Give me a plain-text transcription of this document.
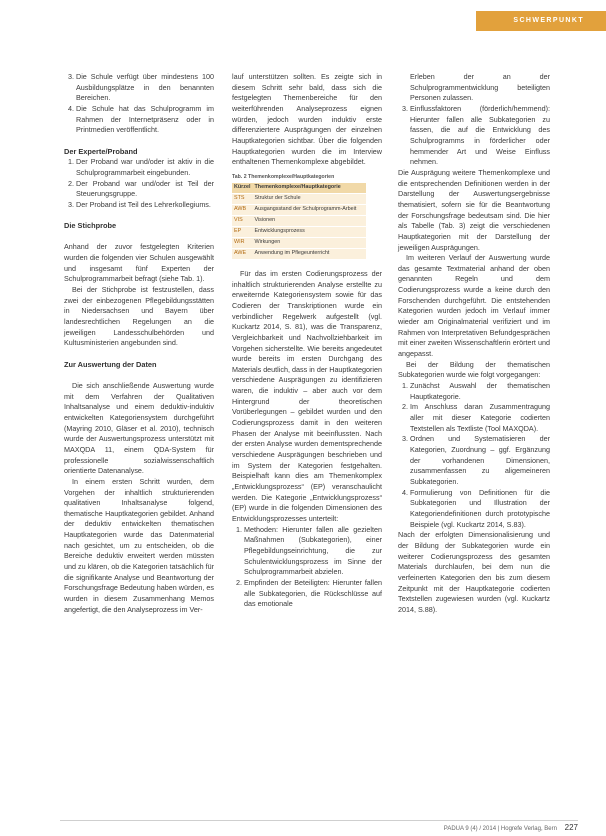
SCHWERPUNKT
3. Die Schule verfügt über mindestens 100 Ausbildungsplätze in den benannten Bereichen.
4. Die Schule hat das Schulprogramm im Rahmen der Internetpräsenz oder in Printmedien veröffentlicht.
Der Experte/Proband
1. Der Proband war und/oder ist aktiv in die Schulprogrammarbeit eingebunden.
2. Der Proband war und/oder ist Teil der Steuerungsgruppe.
3. Der Proband ist Teil des Lehrerkollegiums.
Die Stichprobe

Anhand der zuvor festgelegten Kriterien wurden die folgenden vier Schulen ausgewählt und insgesamt fünf Experten der Schulprogrammarbeit befragt (siehe Tab. 1).

Bei der Stichprobe ist festzustellen, dass zwei der einbezogenen Pflegebildungsstätten in Niedersachsen und Bayern über landesrechtlichen Regelungen an die jeweiligen Landesschulbehörden und Kultusministerien angebunden sind.

Zur Auswertung der Daten

Die sich anschließende Auswertung wurde mit dem Verfahren der Qualitativen Inhaltsanalyse und einem deduktiv-induktiv entwickelten Kategoriensystem durchgeführt (Mayring 2010, Gläser et al. 2010), technisch wurde der Auswertungsprozess unterstützt mit MAXQDA 11, einem QDA-System für professionelle sozialwissenschaftlich orientierte Datenanalyse.

In einem ersten Schritt wurden, dem Vorgehen der inhaltlich strukturierenden qualitativen Inhaltsanalyse folgend, thematische Hauptkategorien gebildet. Anhand der deduktiv entwickelten thematischen Hauptkategorien wurde das Datenmaterial nach gesichtet, um zu entscheiden, ob die Bereiche deduktiv erweitert werden müssten und zu klären, ob die Kategorien tatsächlich für die signifikante Analyse und Beantwortung der Forschungsfrage Bedeutung haben würden, es wurden in diesem Zusammenhang Memos angefertigt, die den Analyseprozess im Ver-

lauf unterstützen sollten. Es zeigte sich in diesem Schritt sehr bald, dass sich die festgelegten Themenbereiche für den weiterführenden Analyseprozess eignen würden, jedoch wurden induktiv erste differenziertere Ausprägungen der einzelnen Hauptkategorien sichtbar. Über die folgenden Hauptkategorien wurden die im Interview enthaltenen Themenkomplexe abgebildet.

Tab. 2 Themenkomplexe/Hauptkategorien
Kürzel	Themenkomplexe/Hauptkategorie
STS	Struktur der Schule
AWB	Ausgangsstand der Schulprogramm-Arbeit
VIS	Visionen
EP	Entwicklungsprozess
WIR	Wirkungen
AWE	Anwendung im Pflegeunterricht

Für das im ersten Codierungsprozess der inhaltlich strukturierenden Analyse erstellte zu erweiternde Kategoriensystem sowie für das Codieren der Transkriptionen wurde ein verbindlicher Regelwerk aufgestellt (vgl. Kuckartz 2014, S. 81), was die Transparenz, Vergleichbarkeit und Nachvollziehbarkeit im Vorgehen sicherstellte. Wie bereits angedeutet wurde bereits im ersten Durchgang des Materials deutlich, dass in der Hauptkategorien verschiedene Ausprägungen zu identifizieren waren, die induktiv – aber auch vor dem Hintergrund der theoretischen Vorüberlegungen – gebildet wurden und den Codierungsprozess damit in den weiteren Phasen der Analyse mit beeinflussten. Nach der ersten Analyse wurden dementsprechende verschiedene Ausprägungen beschrieben und im System der Kategorien festgehalten. Beispielhaft kann dies am Themenkomplex „Entwicklungsprozess“ (EP) veranschaulicht werden. Die Kategorie „Entwicklungsprozess“ (EP) wurde in die folgenden Dimensionen des Entwicklungsprozesses unterteilt:

1. Methoden: Hierunter fallen alle gezielten Maßnahmen (Subkategorien), einer Pflegebildungseinrichtung, die zur Schulentwicklungsprozess im Sinne der Schulprogrammarbeit abzielen.
2. Empfinden der Beteiligten: Hierunter fallen alle Subkategorien, die Rückschlüsse auf das emotionale

Erleben der an der Schulprogrammentwicklung beteiligten Personen zulassen.

3. Einflussfaktoren (förderlich/hemmend): Hierunter fallen alle Subkategorien zu fassen, die auf die Entwicklung des Schulprogramms in förderlicher oder hemmender Art und Weise Einfluss nehmen.

Die Ausprägung weitere Themenkomplexe und die entsprechenden Definitionen werden in der Darstellung der Auswertungsergebnisse thematisiert, sofern sie für die Beantwortung der Forschungsfrage bedeutsam sind. Die hier als Tabelle (Tab. 3) zeigt die verschiedenen Hauptkategorien mit der Darstellung der jeweiligen Ausprägungen.

Im weiteren Verlauf der Auswertung wurde das gesamte Textmaterial anhand der oben genannten Regeln und dem Codierungsprozess wurde a keine durch den Forschenden durchgeführt. Die entstehenden Kategorien wurden jedoch im Verlauf immer wieder am Originalmaterial verifiziert und im Rahmen von Interpretativen Befundgesprächen mit einer zweiten Wissenschaftlerin erörtert und angepasst.

Bei der Bildung der thematischen Subkategorien wurde wie folgt vorgegangen:

1. Zunächst Auswahl der thematischen Hauptkategorie.
2. Im Anschluss daran Zusammentragung aller mit dieser Kategorie codierten Textstellen als Textliste (Tool MAXQDA).
3. Ordnen und Systematisieren der Kategorien, Zuordnung – ggf. Ergänzung der vorhandenen Dimensionen, zusammenfassen zu aligemeineren Subkategorien.
4. Formulierung von Definitionen für die Subkategorien und Illustration der Kategoriendefinitionen durch prototypische Beispiele (vgl. Kuckartz 2014, S.83).

Nach der erfolgten Dimensionalisierung und der Bildung der Subkategorien wurde ein weiterer Codierungsprozess des gesamten Materials durchlaufen, bei dem nun die verfeinerten Kategorien den bis zum diesem Zeitpunkt mit der Hauptkategorie codierten Textstellen zugewiesen wurden (vgl. Kuckartz 2014, S.88).

PADUA 9 (4) / 2014 | Hogrefe Verlag, Bern 227
